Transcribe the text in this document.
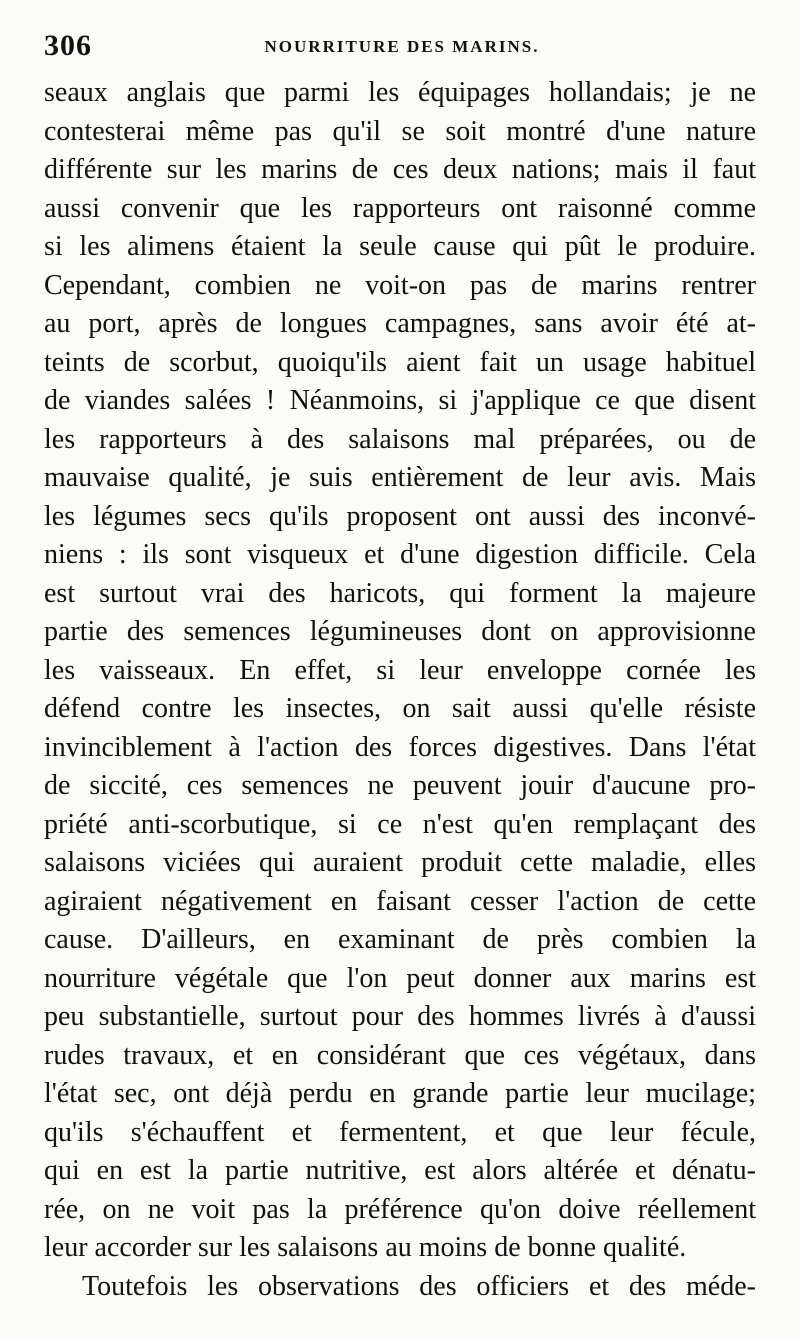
306	NOURRITURE DES MARINS.
seaux anglais que parmi les équipages hollandais; je ne
contesterai même pas qu'il se soit montré d'une nature
différente sur les marins de ces deux nations; mais il faut
aussi convenir que les rapporteurs ont raisonné comme
si les alimens étaient la seule cause qui pût le produire.
Cependant, combien ne voit-on pas de marins rentrer
au port, après de longues campagnes, sans avoir été at-
teints de scorbut, quoiqu'ils aient fait un usage habituel
de viandes salées ! Néanmoins, si j'applique ce que disent
les rapporteurs à des salaisons mal préparées, ou de
mauvaise qualité, je suis entièrement de leur avis. Mais
les légumes secs qu'ils proposent ont aussi des inconvé-
niens : ils sont visqueux et d'une digestion difficile. Cela
est surtout vrai des haricots, qui forment la majeure
partie des semences légumineuses dont on approvisionne
les vaisseaux. En effet, si leur enveloppe cornée les
défend contre les insectes, on sait aussi qu'elle résiste
invinciblement à l'action des forces digestives. Dans l'état
de siccité, ces semences ne peuvent jouir d'aucune pro-
priété anti-scorbutique, si ce n'est qu'en remplaçant des
salaisons viciées qui auraient produit cette maladie, elles
agiraient négativement en faisant cesser l'action de cette
cause. D'ailleurs, en examinant de près combien la
nourriture végétale que l'on peut donner aux marins est
peu substantielle, surtout pour des hommes livrés à d'aussi
rudes travaux, et en considérant que ces végétaux, dans
l'état sec, ont déjà perdu en grande partie leur mucilage;
qu'ils s'échauffent et fermentent, et que leur fécule,
qui en est la partie nutritive, est alors altérée et dénatu-
rée, on ne voit pas la préférence qu'on doive réellement
leur accorder sur les salaisons au moins de bonne qualité.
Toutefois les observations des officiers et des méde-
